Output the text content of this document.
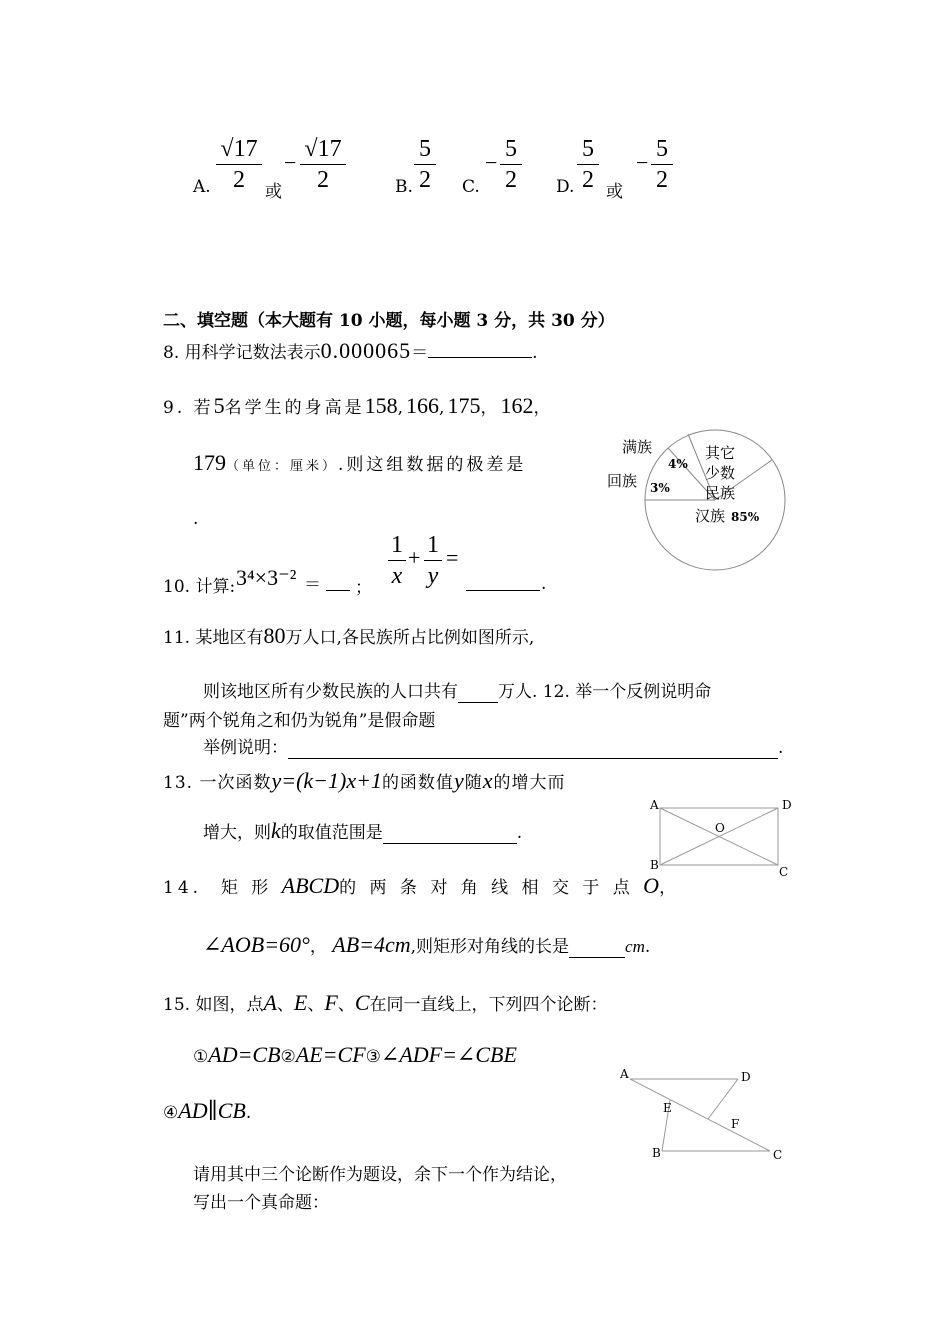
A.
√17
2	或
−
√17
2	B.
5
2 C.
−
5
2 D.
5
2 或
−
5
2
二、填空题（本大题有 10 小题，每小题 3 分，共 30 分）
8. 用科学记数法表示0.000065＝	.
9. 若5名学生的身高是158,166,175，162，
179（单位：厘米）.则这组数据的极差是
.
满族
4%
回族 3%
其它
少数
民族
汉族 85%
10. 计算: 3⁴×3⁻² ＝ ；
1
x
+ 1
y
=
.
11. 某地区有80万人口,各民族所占比例如图所示,
则该地区所有少数民族的人口共有 万人. 12. 举一个反例说明命
题”两个锐角之和仍为锐角”是假命题
举例说明：	.
13. 一次函数y=(k−1)x+1的函数值y随x的增大而
增大，则k的取值范围是	.
A	D
B	C
O
14. 矩 形 ABCD的 两 条 对 角 线 相 交 于 点 O，
∠AOB=60°， AB=4cm,则矩形对角线的长是	cm.
15. 如图，点A、E、F、C在同一直线上，下列四个论断：
①AD=CB②AE=CF③∠ADF=∠CBE
④AD∥CB.
请用其中三个论断作为题设，余下一个作为结论，
写出一个真命题：
A	D
E
F
B	C
